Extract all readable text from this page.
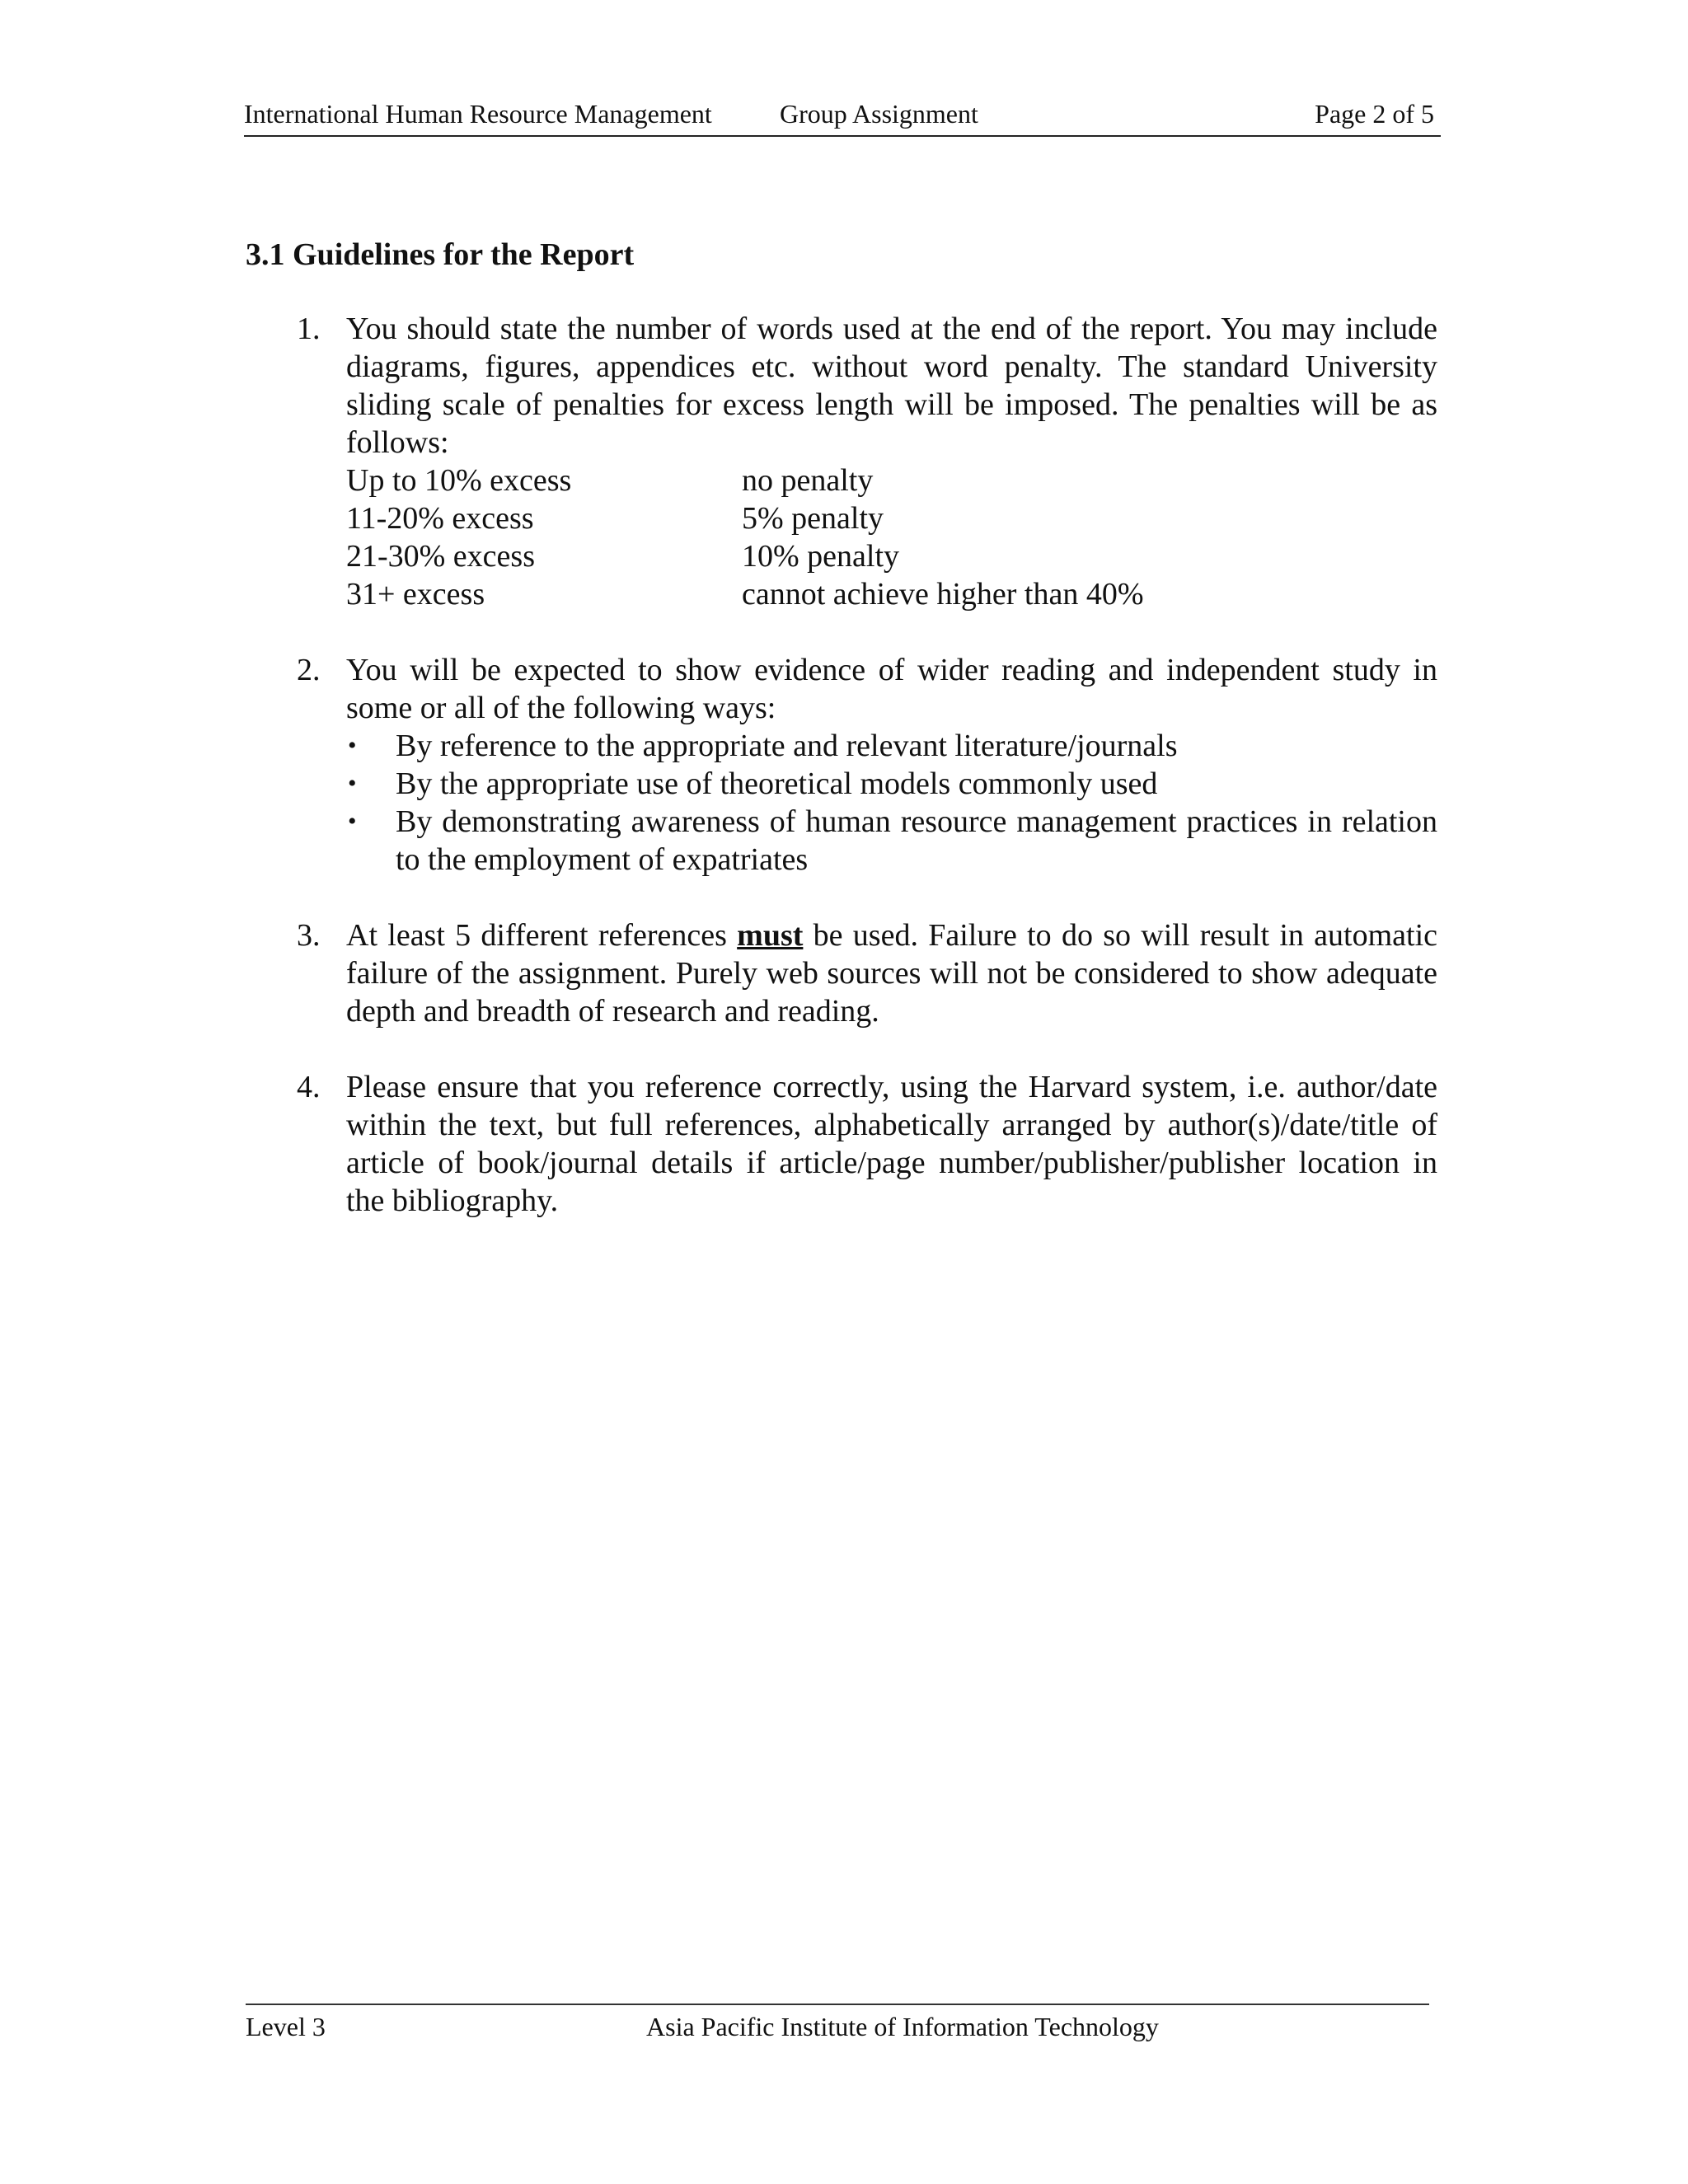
International Human Resource Management	Group Assignment	Page 2 of 5
3.1 Guidelines for the Report
1. You should state the number of words used at the end of the report. You may include diagrams, figures, appendices etc. without word penalty. The standard University sliding scale of penalties for excess length will be imposed. The penalties will be as follows:
Up to 10% excess	no penalty
11-20% excess	5% penalty
21-30% excess	10% penalty
31+ excess	cannot achieve higher than 40%
2. You will be expected to show evidence of wider reading and independent study in some or all of the following ways:
• By reference to the appropriate and relevant literature/journals
• By the appropriate use of theoretical models commonly used
• By demonstrating awareness of human resource management practices in relation to the employment of expatriates
3. At least 5 different references must be used. Failure to do so will result in automatic failure of the assignment. Purely web sources will not be considered to show adequate depth and breadth of research and reading.
4. Please ensure that you reference correctly, using the Harvard system, i.e. author/date within the text, but full references, alphabetically arranged by author(s)/date/title of article of book/journal details if article/page number/publisher/publisher location in the bibliography.
Level 3	Asia Pacific Institute of Information Technology
